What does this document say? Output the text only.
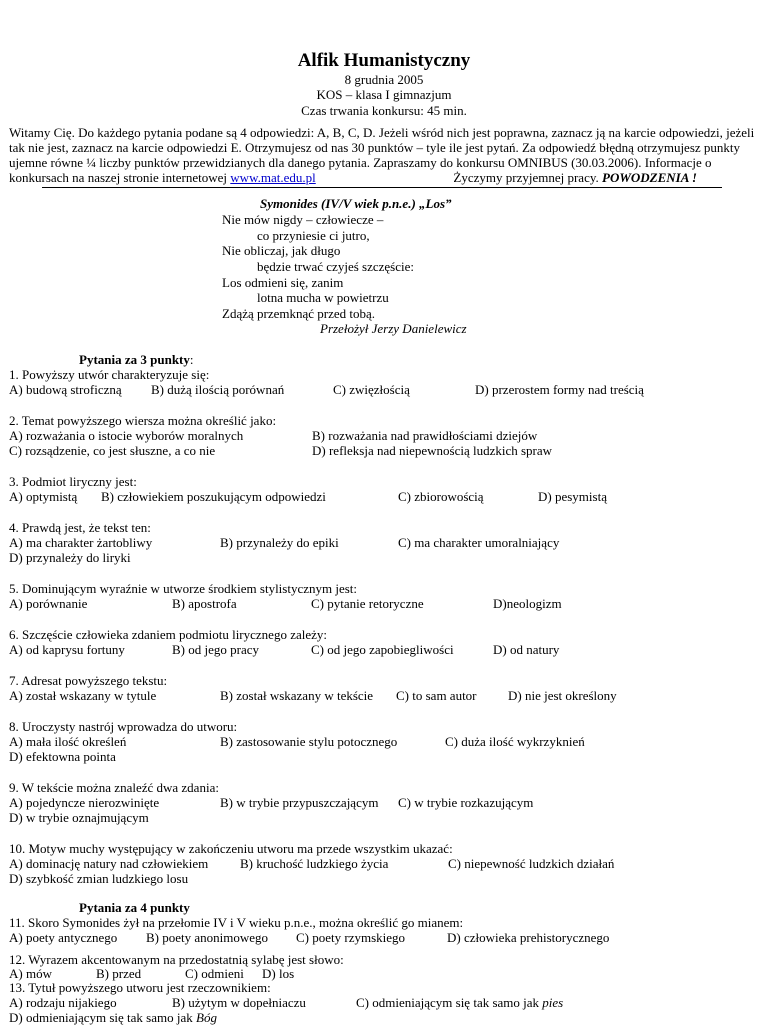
Alfik Humanistyczny
8 grudnia 2005
KOS – klasa I gimnazjum
Czas trwania konkursu: 45 min.
Witamy Cię. Do każdego pytania podane są 4 odpowiedzi: A, B, C, D. Jeżeli wśród nich jest poprawna, zaznacz ją na karcie odpowiedzi, jeżeli tak nie jest, zaznacz na karcie odpowiedzi E. Otrzymujesz od nas 30 punktów – tyle ile jest pytań. Za odpowiedź błędną otrzymujesz punkty ujemne równe ¼ liczby punktów przewidzianych dla danego pytania. Zapraszamy do konkursu OMNIBUS (30.03.2006). Informacje o konkursach na naszej stronie internetowej www.mat.edu.pl	Życzymy przyjemnej pracy. POWODZENIA !
Symonides (IV/V wiek p.n.e.) „Los”
Nie mów nigdy – człowiecze –
co przyniesie ci jutro,
Nie obliczaj, jak długo
będzie trwać czyjeś szczęście:
Los odmieni się, zanim
lotna mucha w powietrzu
Zdążą przemknąć przed tobą.
Przełożył Jerzy Danielewicz
Pytania za 3 punkty:
1. Powyższy utwór charakteryzuje się:
A) budową stroficzną B) dużą ilością porównań	C) zwięzłością	D) przerostem formy nad treścią
2. Temat powyższego wiersza można określić jako:
A) rozważania o istocie wyborów moralnych	B) rozważania nad prawidłościami dziejów
C) rozsądzenie, co jest słuszne, a co nie	D) refleksja nad niepewnością ludzkich spraw
3. Podmiot liryczny jest:
A) optymistą B) człowiekiem poszukującym odpowiedzi	C) zbiorowością	D) pesymistą
4. Prawdą jest, że tekst ten:
A) ma charakter żartobliwy	B) przynależy do epiki	C) ma charakter umoralniający
D) przynależy do liryki
5. Dominującym wyraźnie w utworze środkiem stylistycznym jest:
A) porównanie	B) apostrofa	C) pytanie retoryczne	D)neologizm
6. Szczęście człowieka zdaniem podmiotu lirycznego zależy:
A) od kaprysu fortuny	B) od jego pracy	C) od jego zapobiegliwości	D) od natury
7. Adresat powyższego tekstu:
A) został wskazany w tytule	B) został wskazany w tekście C) to sam autor D) nie jest określony
8. Uroczysty nastrój wprowadza do utworu:
A) mała ilość określeń	B) zastosowanie stylu potocznego	C) duża ilość wykrzyknień
D) efektowna pointa
9. W tekście można znaleźć dwa zdania:
A) pojedyncze nierozwinięte	B) w trybie przypuszczającym C) w trybie rozkazującym
D) w trybie oznajmującym
10. Motyw muchy występujący w zakończeniu utworu ma przede wszystkim ukazać:
A) dominację natury nad człowiekiem B) kruchość ludzkiego życia	C) niepewność ludzkich działań
D) szybkość zmian ludzkiego losu
Pytania za 4 punkty
11. Skoro Symonides żył na przełomie IV i V wieku p.n.e., można określić go mianem:
A) poety antycznego B) poety anonimowego C) poety rzymskiego	D) człowieka prehistorycznego
12. Wyrazem akcentowanym na przedostatnią sylabę jest słowo:
A) mów	B) przed	C) odmieni D) los
13. Tytuł powyższego utworu jest rzeczownikiem:
A) rodzaju nijakiego	B) użytym w dopełniaczu	C) odmieniającym się tak samo jak pies
D) odmieniającym się tak samo jak Bóg
